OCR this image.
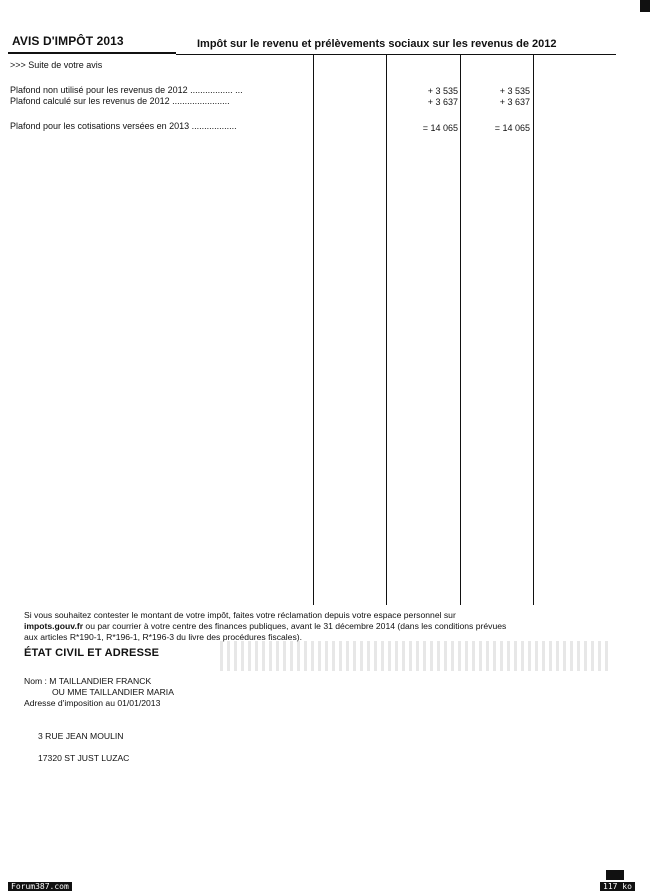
AVIS D'IMPÔT 2013	Impôt sur le revenu et prélèvements sociaux sur les revenus de 2012
>>> Suite de votre avis
Plafond non utilisé pour les revenus de 2012 ................. ...	+ 3 535	+ 3 535
Plafond calculé sur les revenus de 2012 .......................	+ 3 637	+ 3 637
Plafond pour les cotisations versées en 2013 ..................	= 14 065	= 14 065
Si vous souhaitez contester le montant de votre impôt, faites votre réclamation depuis votre espace personnel sur
impots.gouv.fr ou par courrier à votre centre des finances publiques, avant le 31 décembre 2014 (dans les conditions prévues
aux articles R*190-1, R*196-1, R*196-3 du livre des procédures fiscales).
ÉTAT CIVIL ET ADRESSE
Nom : M TAILLANDIER FRANCK
OU MME TAILLANDIER MARIA
Adresse d'imposition au 01/01/2013
3 RUE JEAN MOULIN
17320 ST JUST LUZAC
Forum387.com	117 ko
